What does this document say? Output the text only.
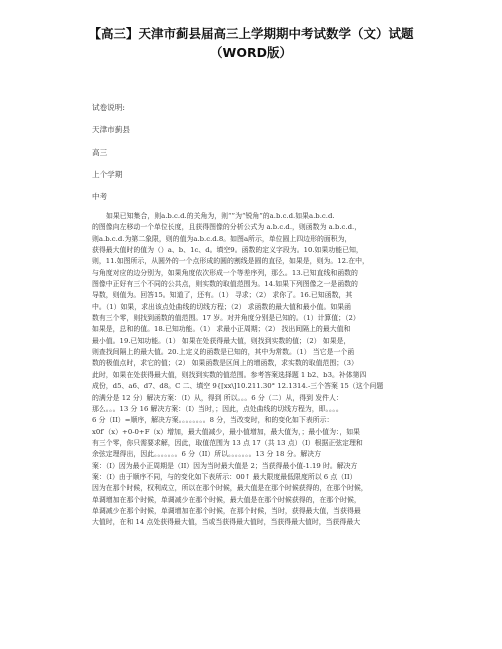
【高三】天津市蓟县届高三上学期期中考试数学（文）试题
（WORD版）
试卷说明:
天津市蓟县
高三
上个学期
中考
如果已知集合，则a.b.c.d.的关角为，则“”为“锐角”的a.b.c.d.如果a.b.c.d.
的图像向左移动一个单位长度，且获得图像的分析公式为 a.b.c.d.，则函数为 a.b.c.d.，
则a.b.c.d.为第二象限，则的值为a.b.c.d.8。如图a所示，单位圆上四边形的面积为，
获得最大值时的值为（）a、b、1c、d。填空9。函数的定义字段为。10.如果功能已知，
则，11.如图所示，从圆外的一个点形成的圆的割线是圆的直径，如果是，则为。12.在中，
与角度对应的边分别为，如果角度依次形成一个等差序列，那么。13.已知直线和函数的
图像中正好有三个不同的公共点，则实数的取值范围为。14.如果下列图像之一是函数的
导数，则值为。回答15。知道了，还有。（1） 寻求；（2） 求你了。16.已知函数，其
中。（1）如果，求出该点处曲线的切线方程；（2） 求函数的最大值和最小值。如果函
数有三个零，则找到函数的值范围。17 岁。对并角度分别是已知的。（1）计算值；（2）
如果是，总和的值。18.已知功能。（1） 求最小正周期；（2） 找出间隔上的最大值和
最小值。19.已知功能。（1） 如果在处获得最大值，则找到实数的值；（2） 如果是，
则查找间隔上的最大值。20.上定义的函数是已知的，其中为常数。（1） 当它是一个函
数的极值点时，求它的值；（2） 如果函数是区间上的增函数，求实数的取值范围；（3）
此时，如果在处获得最大值，则找到实数的值范围。参考答案选择题 1 b2、b3。补体第四
成份，d5、a6、d7、d8。C 二、填空 9{[xx\]10.211.30° 12.1314.-三个答案 15（这个问题
的满分是 12 分）解决方案：（I）从，得到 所以。。。6 分（二）从，得到 发件人：
那么。。。13 分 16 解决方案：（I）当时，；因此，点处曲线的切线方程为，即。。。。
6 分（II）=顺序，解决方案。。。。。。。。8 分，当改变时，和的变化如下表所示：
x0f′（x）+0-0+F（x）增加，最大值减少，最小值增加，最大值为，；最小值为：，如果
有三个零，你只需要求解，因此，取值范围为 13 点 17（共 13 点）（I）根据正弦定理和
余弦定理得出，因此。。。。。。。6 分（II）所以。。。。。。。13 分 18 分。解决方
案：（I）因为最小正周期是（II）因为当时最大值是 2；当获得最小值-1.19 时。解决方
案：（I）由于顺序不同，与的变化如下表所示：00↑ 最大限度最低限度所以 6 点（II）
因为在那个时候，权利成立，所以在那个时候，最大值是在那个时候获得的，在那个时候，
单调增加在那个时候，单调减少在那个时候，最大值是在那个时候获得的，在那个时候，
单调减少在那个时候，单调增加在那个时候，在那个时候，当时，获得最大值，当获得最
大值时，在和 14 点处获得最大值，当或当获得最大值时，当获得最大值时，当获得最大
